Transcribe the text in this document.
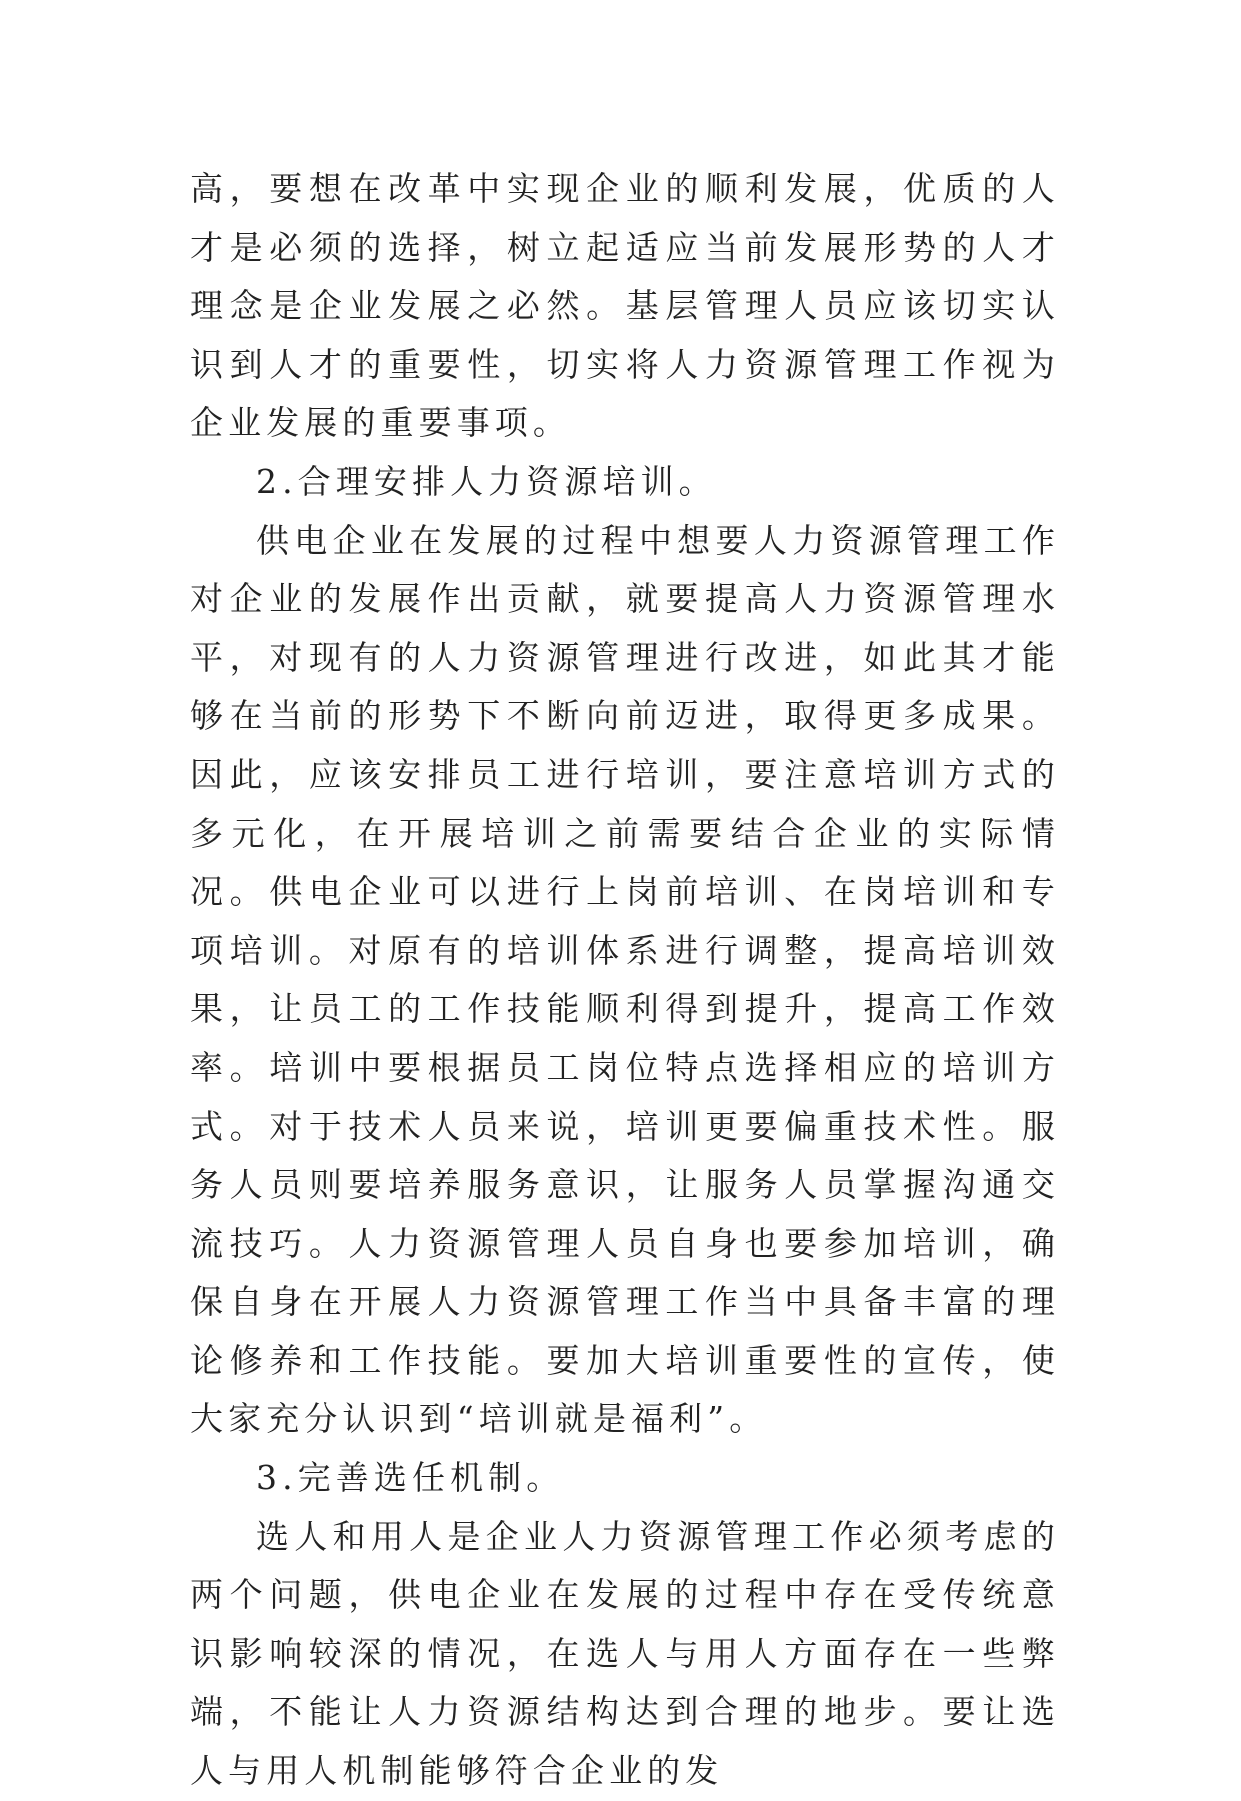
高，要想在改革中实现企业的顺利发展，优质的人才是必须的选择，树立起适应当前发展形势的人才理念是企业发展之必然。基层管理人员应该切实认识到人才的重要性，切实将人力资源管理工作视为企业发展的重要事项。

2.合理安排人力资源培训。

供电企业在发展的过程中想要人力资源管理工作对企业的发展作出贡献，就要提高人力资源管理水平，对现有的人力资源管理进行改进，如此其才能够在当前的形势下不断向前迈进，取得更多成果。因此，应该安排员工进行培训，要注意培训方式的多元化，在开展培训之前需要结合企业的实际情况。供电企业可以进行上岗前培训、在岗培训和专项培训。对原有的培训体系进行调整，提高培训效果，让员工的工作技能顺利得到提升，提高工作效率。培训中要根据员工岗位特点选择相应的培训方式。对于技术人员来说，培训更要偏重技术性。服务人员则要培养服务意识，让服务人员掌握沟通交流技巧。人力资源管理人员自身也要参加培训，确保自身在开展人力资源管理工作当中具备丰富的理论修养和工作技能。要加大培训重要性的宣传，使大家充分认识到“培训就是福利”。

3.完善选任机制。

选人和用人是企业人力资源管理工作必须考虑的两个问题，供电企业在发展的过程中存在受传统意识影响较深的情况，在选人与用人方面存在一些弊端，不能让人力资源结构达到合理的地步。要让选人与用人机制能够符合企业的发
